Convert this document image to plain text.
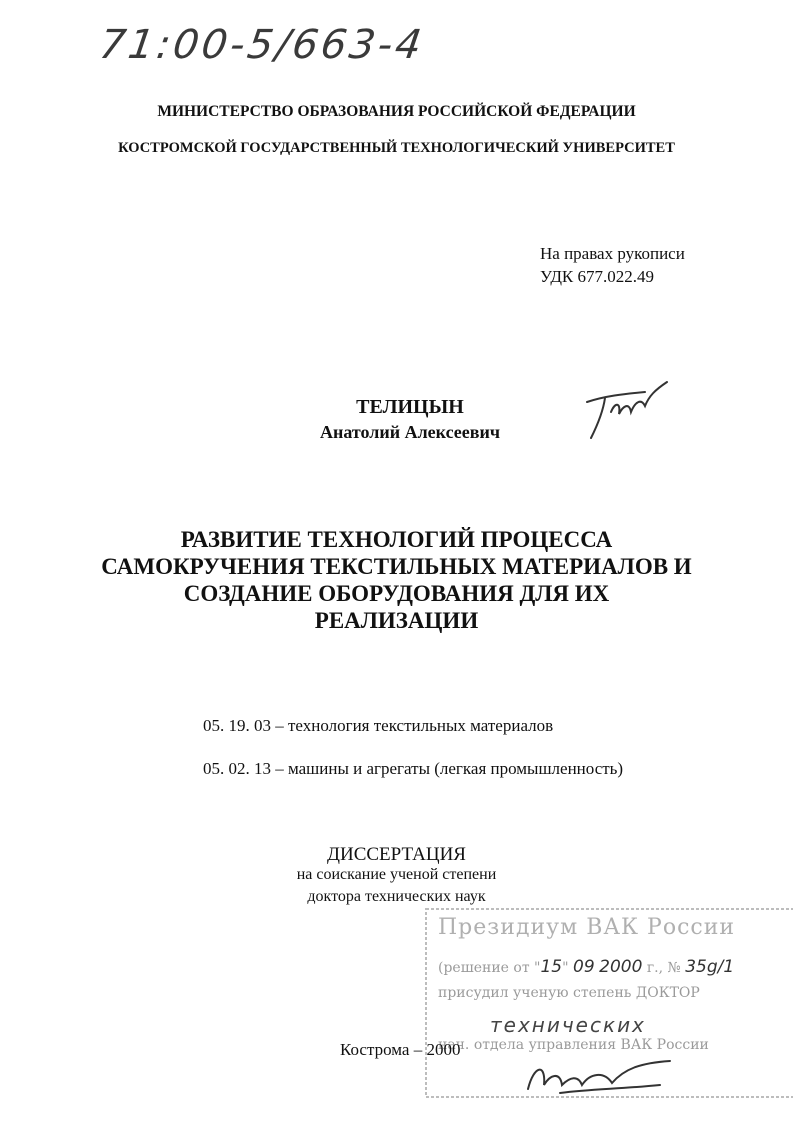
71:00-5/663-4
МИНИСТЕРСТВО ОБРАЗОВАНИЯ РОССИЙСКОЙ ФЕДЕРАЦИИ
КОСТРОМСКОЙ ГОСУДАРСТВЕННЫЙ ТЕХНОЛОГИЧЕСКИЙ УНИВЕРСИТЕТ
На правах рукописи
УДК 677.022.49
ТЕЛИЦЫН
Анатолий Алексеевич
РАЗВИТИЕ ТЕХНОЛОГИЙ ПРОЦЕССА
САМОКРУЧЕНИЯ ТЕКСТИЛЬНЫХ МАТЕРИАЛОВ И
СОЗДАНИЕ ОБОРУДОВАНИЯ ДЛЯ ИХ РЕАЛИЗАЦИИ
05. 19. 03 – технология текстильных материалов
05. 02. 13 – машины и агрегаты (легкая промышленность)
ДИССЕРТАЦИЯ
на соискание ученой степени
доктора технических наук
Президиум ВАК России
(решение от "15" 09 2000 г., № 35g/1
присудил ученую степень ДОКТОР
технических
нач. отдела управления ВАК России
Кострома – 2000
